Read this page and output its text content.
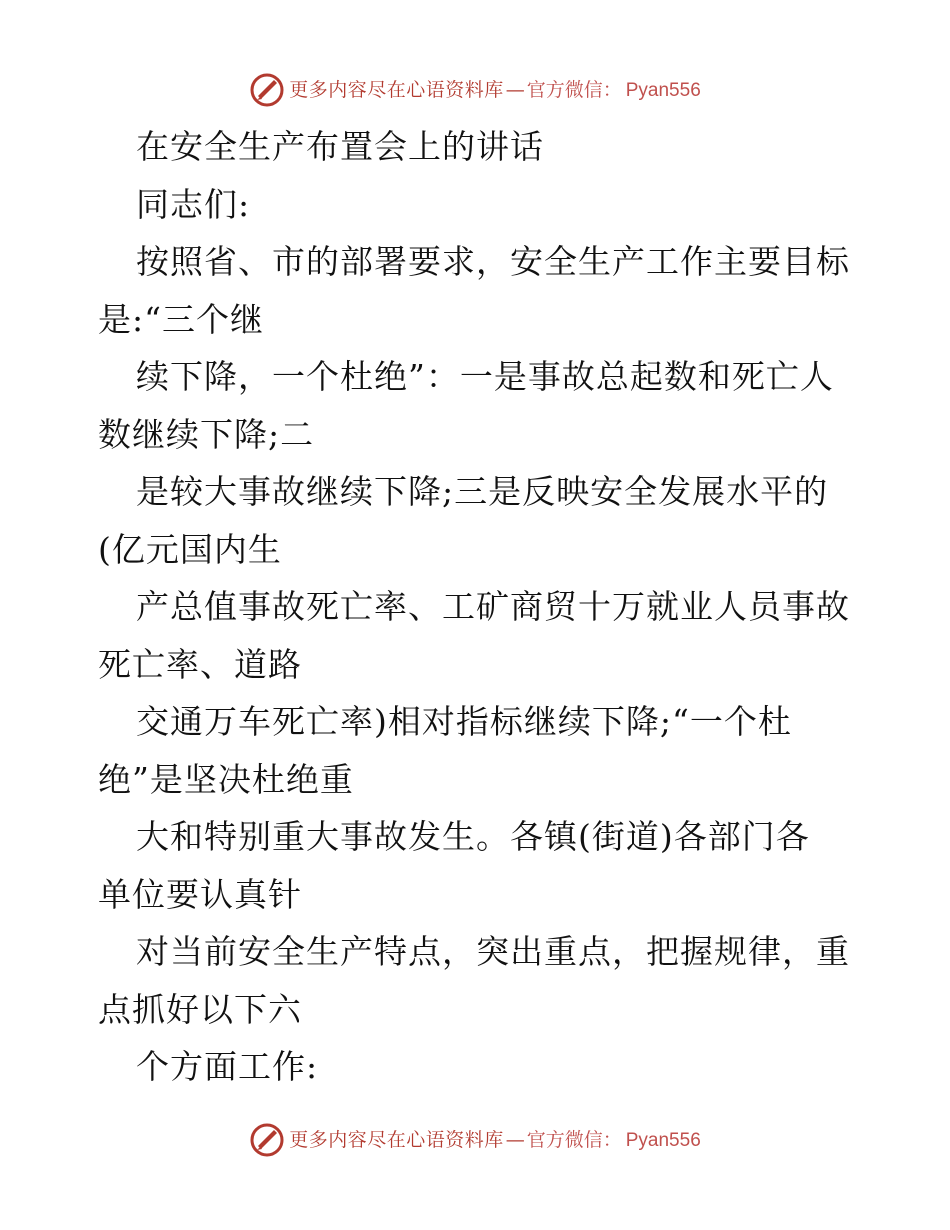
更多内容尽在心语资料库 — 官方微信： Pyan556
在安全生产布置会上的讲话
同志们:
按照省、市的部署要求，安全生产工作主要目标
是:“三个继
续下降，一个杜绝”：一是事故总起数和死亡人
数继续下降;二
是较大事故继续下降;三是反映安全发展水平的
(亿元国内生
产总值事故死亡率、工矿商贸十万就业人员事故
死亡率、道路
交通万车死亡率)相对指标继续下降;“一个杜
绝”是坚决杜绝重
大和特别重大事故发生。各镇(街道)各部门各
单位要认真针
对当前安全生产特点，突出重点，把握规律，重
点抓好以下六
个方面工作:
更多内容尽在心语资料库 — 官方微信： Pyan556
